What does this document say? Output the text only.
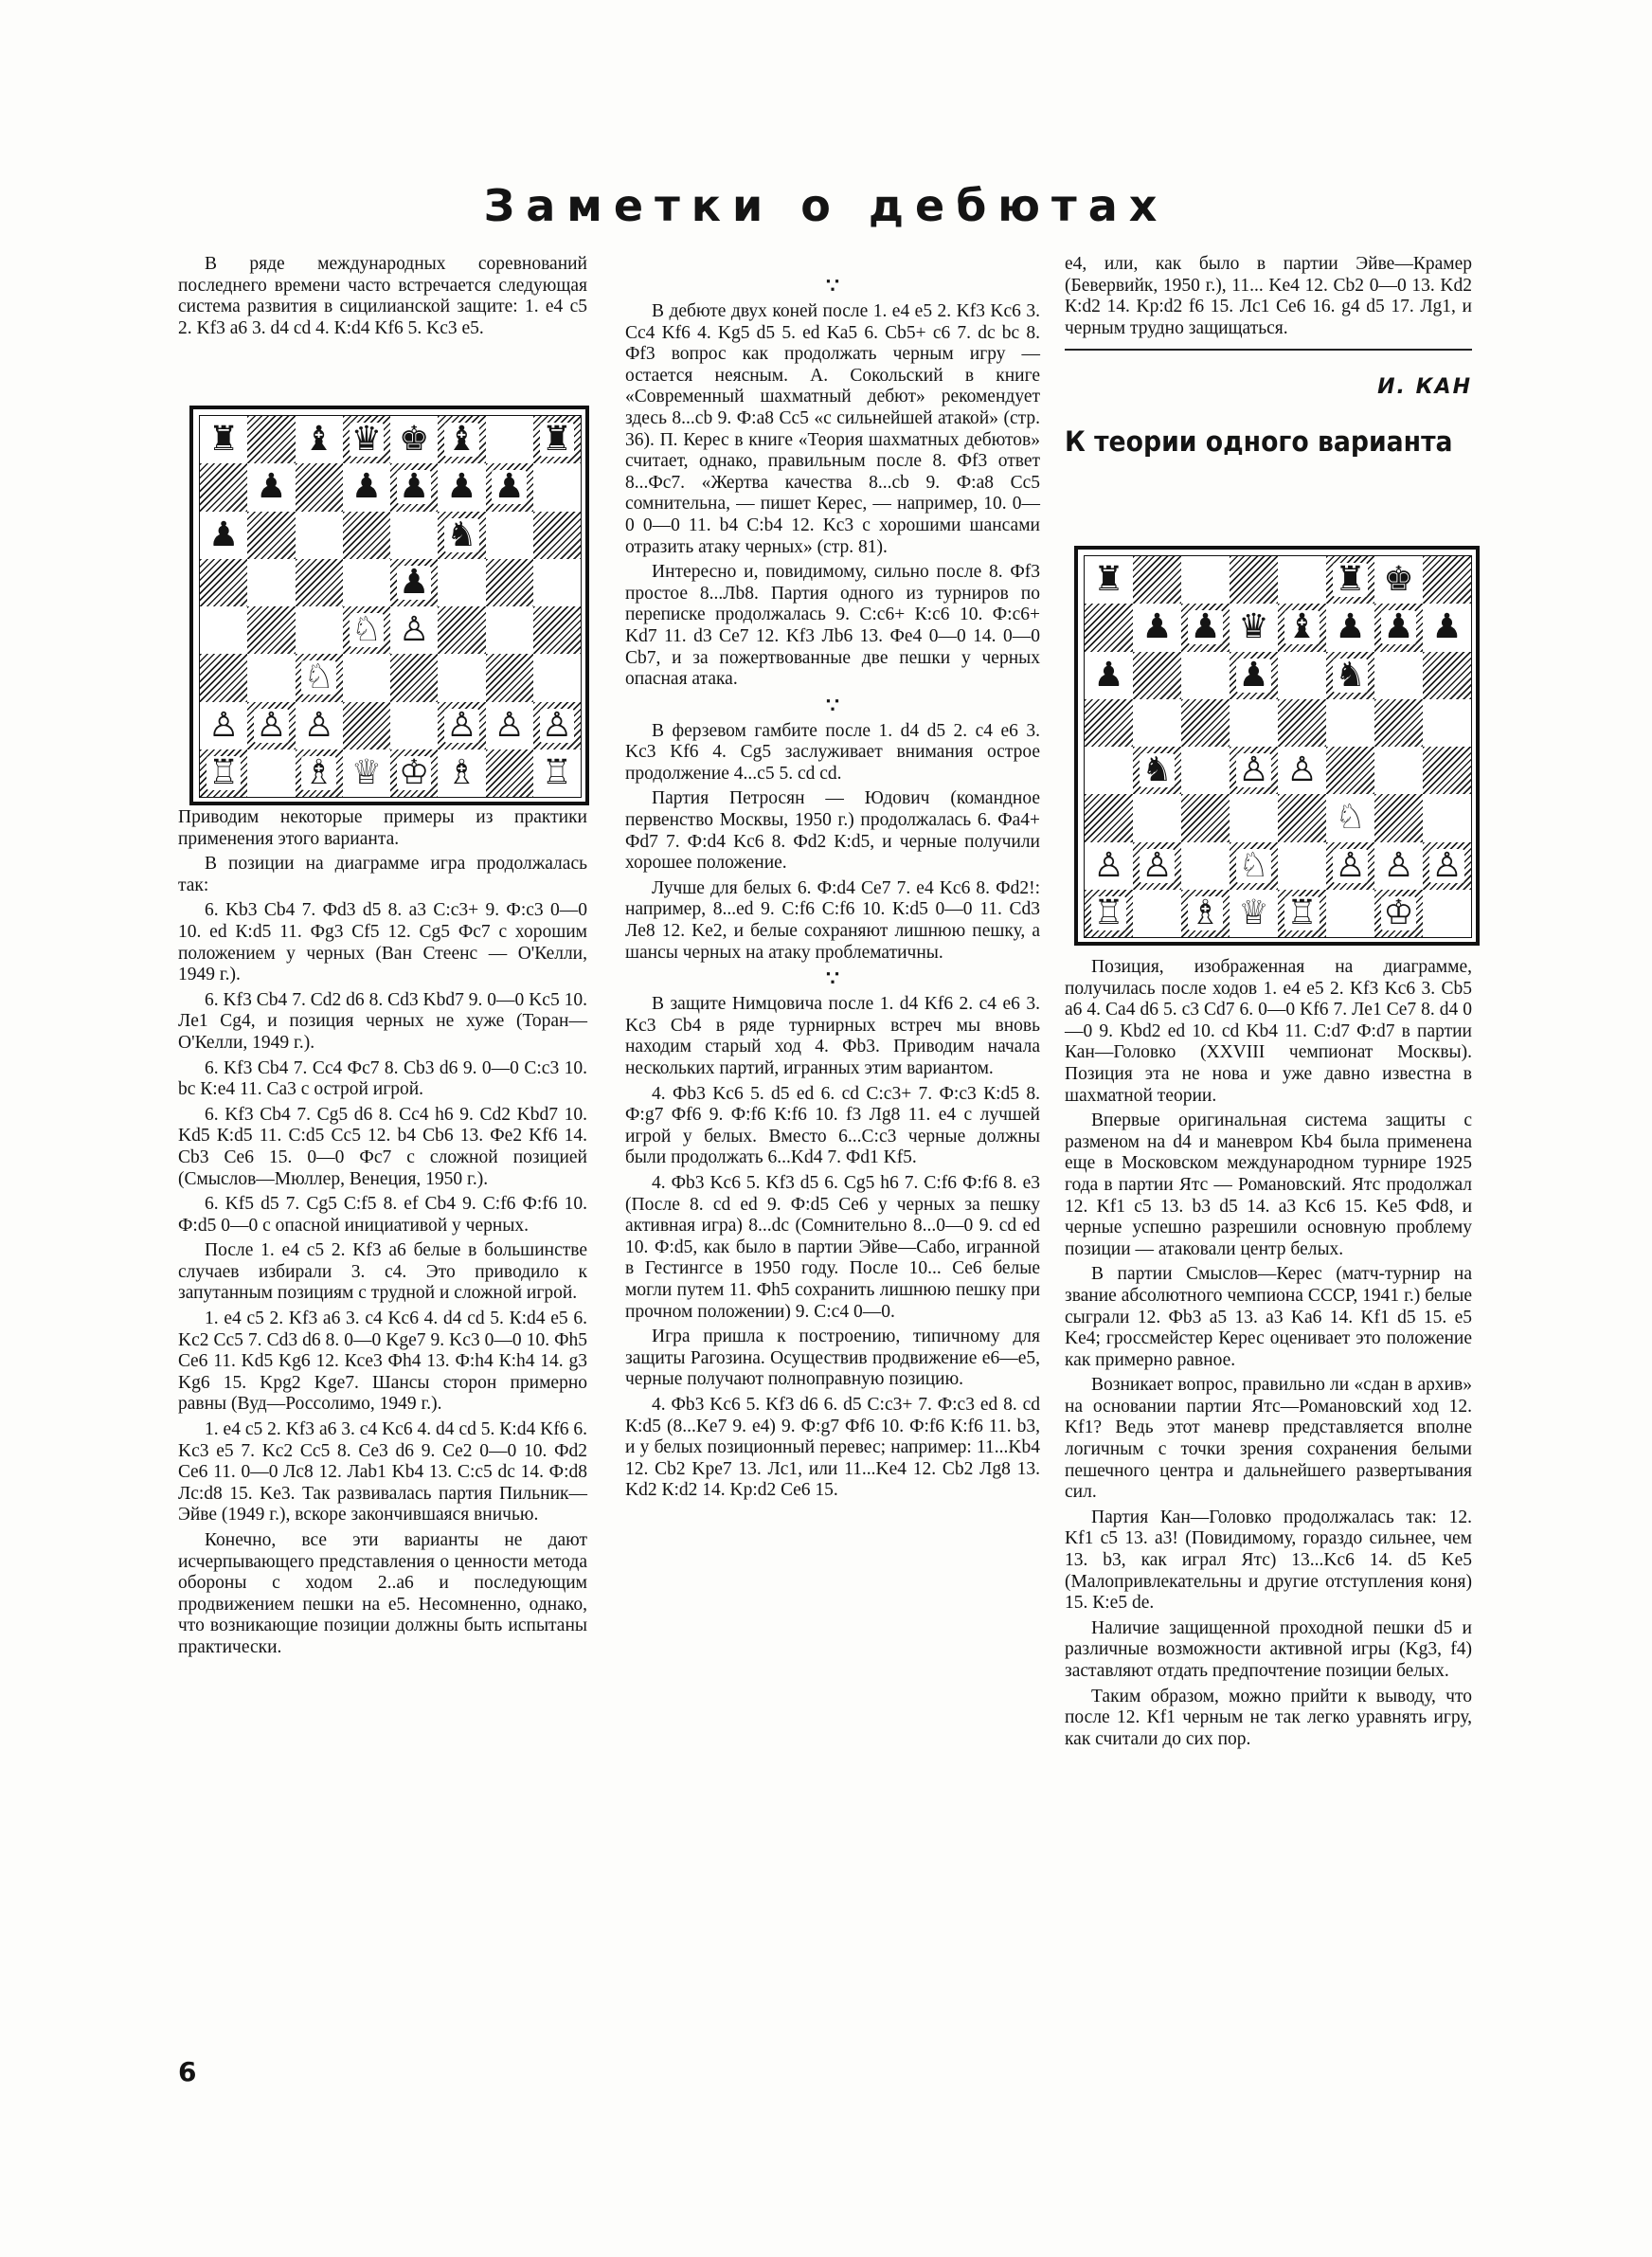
Заметки о дебютах

В ряде международных соревнований последнего времени часто встречается следующая система развития в сицилианской защите: 1. e4 c5 2. Kf3 a6 3. d4 cd 4. К:d4 Kf6 5. Kc3 e5.

♜ ♝ ♛ ♚ ♝ ♜
♟ ♟ ♟ ♟ ♟
♟	♞
♟
♘ ♙
♘
♙ ♙ ♙	♙ ♙ ♙
♖ ♗ ♕ ♔ ♗ ♖

Приводим некоторые примеры из практики применения этого варианта.

В позиции на диаграмме игра продолжалась так:

6. Kb3 Cb4 7. Фd3 d5 8. a3 С:c3+ 9. Ф:c3 0—0 10. ed К:d5 11. Фg3 Cf5 12. Cg5 Фc7 с хорошим положением у черных (Ван Стеенс — О'Келли, 1949 г.).

6. Kf3 Cb4 7. Cd2 d6 8. Cd3 Kbd7 9. 0—0 Kc5 10. Лe1 Cg4, и позиция черных не хуже (Торан—О'Келли, 1949 г.).

6. Kf3 Cb4 7. Cc4 Фc7 8. Cb3 d6 9. 0—0 С:c3 10. bc К:e4 11. Ca3 с острой игрой.

6. Kf3 Cb4 7. Cg5 d6 8. Cc4 h6 9. Cd2 Kbd7 10. Kd5 К:d5 11. С:d5 Cc5 12. b4 Cb6 13. Фe2 Kf6 14. Cb3 Ce6 15. 0—0 Фc7 с сложной позицией (Смыслов—Мюллер, Венеция, 1950 г.).

6. Kf5 d5 7. Cg5 С:f5 8. ef Cb4 9. С:f6 Ф:f6 10. Ф:d5 0—0 с опасной инициативой у черных.

После 1. e4 c5 2. Kf3 a6 белые в большинстве случаев избирали 3. c4. Это приводило к запутанным позициям с трудной и сложной игрой.

1. e4 c5 2. Kf3 a6 3. c4 Kc6 4. d4 cd 5. К:d4 e5 6. Kc2 Cc5 7. Cd3 d6 8. 0—0 Kge7 9. Kc3 0—0 10. Фh5 Ce6 11. Kd5 Kg6 12. Кce3 Фh4 13. Ф:h4 К:h4 14. g3 Kg6 15. Kpg2 Kge7. Шансы сторон примерно равны (Вуд—Россолимо, 1949 г.).

1. e4 c5 2. Kf3 a6 3. c4 Kc6 4. d4 cd 5. К:d4 Kf6 6. Kc3 e5 7. Kc2 Cc5 8. Ce3 d6 9. Ce2 0—0 10. Фd2 Ce6 11. 0—0 Лc8 12. Лab1 Kb4 13. С:c5 dc 14. Ф:d8 Лc:d8 15. Ke3. Так развивалась партия Пильник—Эйве (1949 г.), вскоре закончившаяся вничью.

Конечно, все эти варианты не дают исчерпывающего представления о ценности метода обороны с ходом 2..a6 и последующим продвижением пешки на e5. Несомненно, однако, что возникающие позиции должны быть испытаны практически.

∵

В дебюте двух коней после 1. e4 e5 2. Kf3 Kc6 3. Cc4 Kf6 4. Kg5 d5 5. ed Ka5 6. Cb5+ c6 7. dc bc 8. Фf3 вопрос как продолжать черным игру — остается неясным. А. Сокольский в книге «Современный шахматный дебют» рекомендует здесь 8...cb 9. Ф:a8 Cc5 «с сильнейшей атакой» (стр. 36). П. Керес в книге «Теория шахматных дебютов» считает, однако, правильным после 8. Фf3 ответ 8...Фc7. «Жертва качества 8...cb 9. Ф:a8 Cc5 сомнительна, — пишет Керес, — например, 10. 0—0 0—0 11. b4 С:b4 12. Kc3 с хорошими шансами отразить атаку черных» (стр. 81).

Интересно и, повидимому, сильно после 8. Фf3 простое 8...Лb8. Партия одного из турниров по переписке продолжалась 9. С:c6+ К:c6 10. Ф:c6+ Kd7 11. d3 Ce7 12. Kf3 Лb6 13. Фe4 0—0 14. 0—0 Cb7, и за пожертвованные две пешки у черных опасная атака.

∵

В ферзевом гамбите после 1. d4 d5 2. c4 e6 3. Kc3 Kf6 4. Cg5 заслуживает внимания острое продолжение 4...c5 5. cd cd.

Партия Петросян — Юдович (командное первенство Москвы, 1950 г.) продолжалась 6. Фa4+ Фd7 7. Ф:d4 Kc6 8. Фd2 К:d5, и черные получили хорошее положение.

Лучше для белых 6. Ф:d4 Ce7 7. e4 Kc6 8. Фd2!: например, 8...ed 9. С:f6 С:f6 10. К:d5 0—0 11. Cd3 Лe8 12. Ke2, и белые сохраняют лишнюю пешку, а шансы черных на атаку проблематичны.

∵

В защите Нимцовича после 1. d4 Kf6 2. c4 e6 3. Kc3 Cb4 в ряде турнирных встреч мы вновь находим старый ход 4. Фb3. Приводим начала нескольких партий, игранных этим вариантом.

4. Фb3 Kc6 5. d5 ed 6. cd С:c3+ 7. Ф:c3 К:d5 8. Ф:g7 Фf6 9. Ф:f6 К:f6 10. f3 Лg8 11. e4 с лучшей игрой у белых. Вместо 6...С:c3 черные должны были продолжать 6...Kd4 7. Фd1 Kf5.

4. Фb3 Kc6 5. Kf3 d5 6. Cg5 h6 7. С:f6 Ф:f6 8. e3 (После 8. cd ed 9. Ф:d5 Ce6 у черных за пешку активная игра) 8...dc (Сомнительно 8...0—0 9. cd ed 10. Ф:d5, как было в партии Эйве—Сабо, игранной в Гестингсе в 1950 году. После 10... Ce6 белые могли путем 11. Фh5 сохранить лишнюю пешку при прочном положении) 9. С:c4 0—0.

Игра пришла к построению, типичному для защиты Рагозина. Осуществив продвижение e6—e5, черные получают полноправную позицию.

4. Фb3 Kc6 5. Kf3 d6 6. d5 С:c3+ 7. Ф:c3 ed 8. cd К:d5 (8...Ke7 9. e4) 9. Ф:g7 Фf6 10. Ф:f6 К:f6 11. b3, и у белых позиционный перевес; например: 11...Kb4 12. Cb2 Kpe7 13. Лc1, или 11...Ke4 12. Cb2 Лg8 13. Kd2 К:d2 14. Kp:d2 Ce6 15.

e4, или, как было в партии Эйве—Крамер (Бевервийк, 1950 г.), 11... Ke4 12. Cb2 0—0 13. Kd2 К:d2 14. Kp:d2 f6 15. Лc1 Ce6 16. g4 d5 17. Лg1, и черным трудно защищаться.

И. КАН
К теории одного варианта
♜	♜ ♚
♟ ♟ ♛ ♝ ♟ ♟ ♟
♟	♟ ♞
♞ ♙ ♙
♘
♙ ♙ ♘ ♙ ♙ ♙
♖ ♗ ♕ ♖ ♔

Позиция, изображенная на диаграмме, получилась после ходов 1. e4 e5 2. Kf3 Kc6 3. Cb5 a6 4. Ca4 d6 5. c3 Cd7 6. 0—0 Kf6 7. Лe1 Ce7 8. d4 0—0 9. Kbd2 ed 10. cd Kb4 11. С:d7 Ф:d7 в партии Кан—Головко (XXVIII чемпионат Москвы). Позиция эта не нова и уже давно известна в шахматной теории.

Впервые оригинальная система защиты с разменом на d4 и маневром Kb4 была применена еще в Московском международном турнире 1925 года в партии Ятс — Романовский. Ятс продолжал 12. Kf1 c5 13. b3 d5 14. a3 Kc6 15. Ke5 Фd8, и черные успешно разрешили основную проблему позиции — атаковали центр белых.

В партии Смыслов—Керес (матч-турнир на звание абсолютного чемпиона СССР, 1941 г.) белые сыграли 12. Фb3 a5 13. a3 Ka6 14. Kf1 d5 15. e5 Ke4; гроссмейстер Керес оценивает это положение как примерно равное.

Возникает вопрос, правильно ли «сдан в архив» на основании партии Ятс—Романовский ход 12. Kf1? Ведь этот маневр представляется вполне логичным с точки зрения сохранения белыми пешечного центра и дальнейшего развертывания сил.

Партия Кан—Головко продолжалась так: 12. Kf1 c5 13. a3! (Повидимому, гораздо сильнее, чем 13. b3, как играл Ятс) 13...Kc6 14. d5 Ke5 (Малопривлекательны и другие отступления коня) 15. К:e5 de.

Наличие защищенной проходной пешки d5 и различные возможности активной игры (Kg3, f4) заставляют отдать предпочтение позиции белых.

Таким образом, можно прийти к выводу, что после 12. Kf1 черным не так легко уравнять игру, как считали до сих пор.

6
